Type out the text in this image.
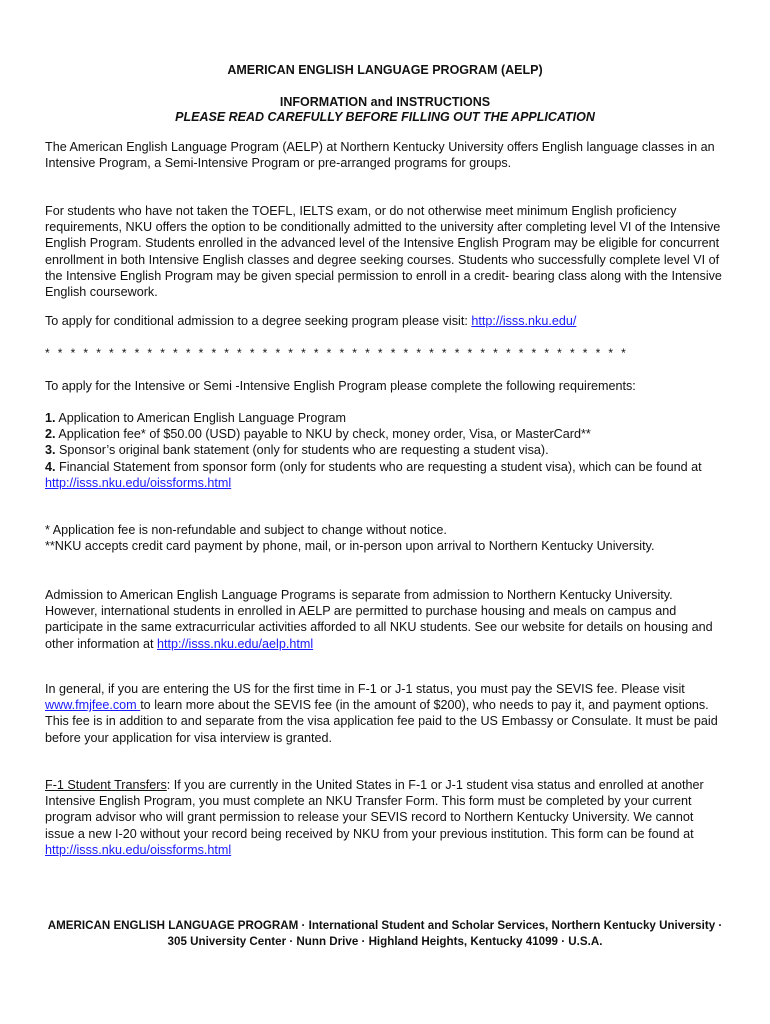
AMERICAN ENGLISH LANGUAGE PROGRAM (AELP)
INFORMATION and INSTRUCTIONS
PLEASE READ CAREFULLY BEFORE FILLING OUT THE APPLICATION
The American English Language Program (AELP) at Northern Kentucky University offers English language classes in an Intensive Program, a Semi-Intensive Program or pre-arranged programs for groups.
For students who have not taken the TOEFL, IELTS exam, or do not otherwise meet minimum English proficiency requirements, NKU offers the option to be conditionally admitted to the university after completing level VI of the Intensive English Program. Students enrolled in the advanced level of the Intensive English Program may be eligible for concurrent enrollment in both Intensive English classes and degree seeking courses. Students who successfully complete level VI of the Intensive English Program may be given special permission to enroll in a credit- bearing class along with the Intensive English coursework.
To apply for conditional admission to a degree seeking program please visit: http://isss.nku.edu/
* * * * * * * * * * * * * * * * * * * * * * * * * * * * * * * * * * * * * * * * * * * * * *
To apply for the Intensive or Semi -Intensive English Program please complete the following requirements:

1. Application to American English Language Program

2. Application fee* of $50.00 (USD) payable to NKU by check, money order, Visa, or MasterCard**

3. Sponsor’s original bank statement (only for students who are requesting a student visa).

4. Financial Statement from sponsor form (only for students who are requesting a student visa), which can be found at http://isss.nku.edu/oissforms.html

* Application fee is non-refundable and subject to change without notice.

**NKU accepts credit card payment by phone, mail, or in-person upon arrival to Northern Kentucky University.

Admission to American English Language Programs is separate from admission to Northern Kentucky University. However, international students in enrolled in AELP are permitted to purchase housing and meals on campus and participate in the same extracurricular activities afforded to all NKU students. See our website for details on housing and other information at http://isss.nku.edu/aelp.html
In general, if you are entering the US for the first time in F-1 or J-1 status, you must pay the SEVIS fee. Please visit www.fmjfee.com to learn more about the SEVIS fee (in the amount of $200), who needs to pay it, and payment options. This fee is in addition to and separate from the visa application fee paid to the US Embassy or Consulate. It must be paid before your application for visa interview is granted.
F-1 Student Transfers: If you are currently in the United States in F-1 or J-1 student visa status and enrolled at another Intensive English Program, you must complete an NKU Transfer Form. This form must be completed by your current program advisor who will grant permission to release your SEVIS record to Northern Kentucky University. We cannot issue a new I-20 without your record being received by NKU from your previous institution. This form can be found at http://isss.nku.edu/oissforms.html
AMERICAN ENGLISH LANGUAGE PROGRAM · International Student and Scholar Services, Northern Kentucky University · 305 University Center · Nunn Drive · Highland Heights, Kentucky 41099 · U.S.A.
